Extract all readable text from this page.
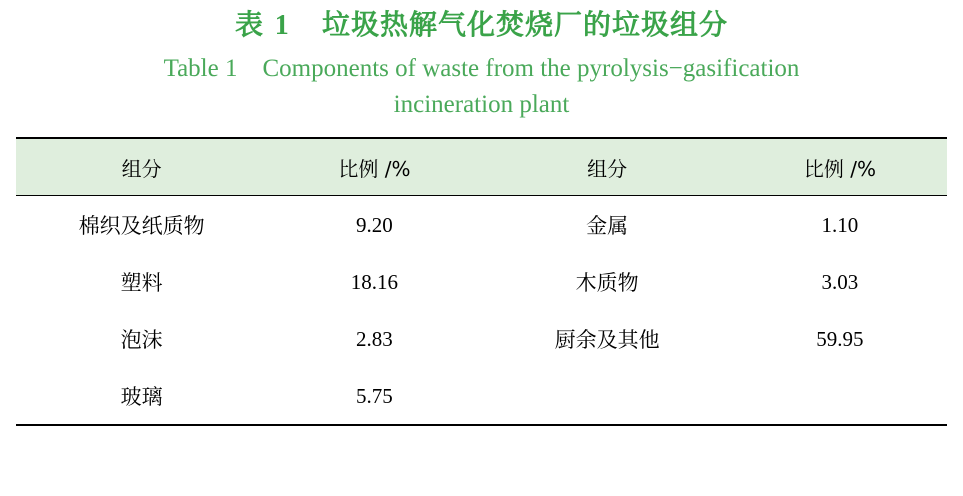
表 1 垃圾热解气化焚烧厂的垃圾组分
Table 1 Components of waste from the pyrolysis−gasification
incineration plant
组分	比例 /%	组分	比例 /%
棉织及纸质物	9.20	金属	1.10
塑料	18.16	木质物	3.03
泡沫	2.83	厨余及其他	59.95
玻璃	5.75		
